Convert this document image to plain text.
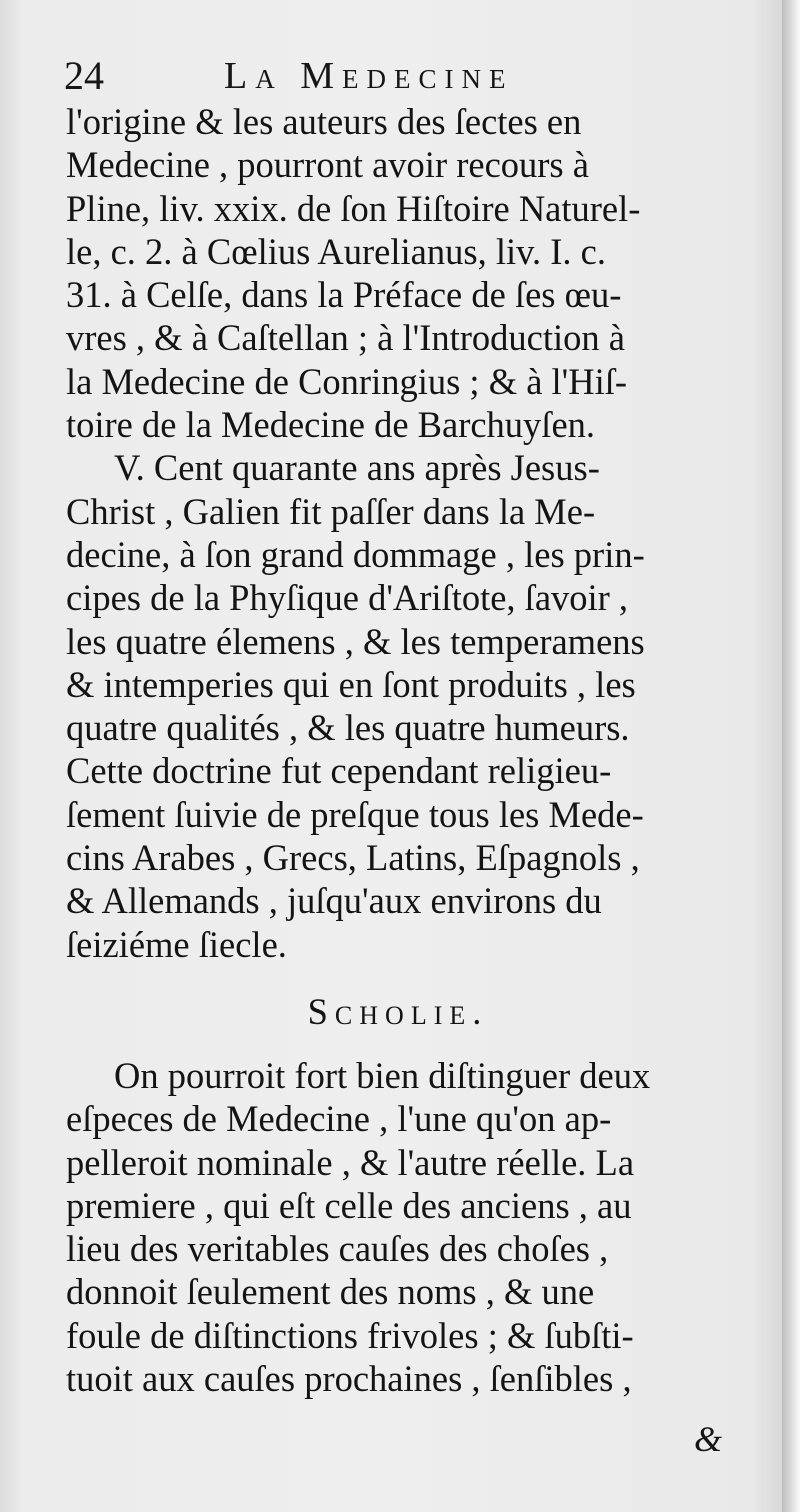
24	La Medecine
l'origine & les auteurs des ſectes en
Medecine , pourront avoir recours à
Pline, liv. xxix. de ſon Hiſtoire Naturel-
le, c. 2. à Cœlius Aurelianus, liv. I. c.
31. à Celſe, dans la Préface de ſes œu-
vres , & à Caſtellan ; à l'Introduction à
la Medecine de Conringius ; & à l'Hiſ-
toire de la Medecine de Barchuyſen.
V. Cent quarante ans après Jesus-
Christ , Galien fit paſſer dans la Me-
decine, à ſon grand dommage , les prin-
cipes de la Phyſique d'Ariſtote, ſavoir ,
les quatre élemens , & les temperamens
& intemperies qui en ſont produits , les
quatre qualités , & les quatre humeurs.
Cette doctrine fut cependant religieu-
ſement ſuivie de preſque tous les Mede-
cins Arabes , Grecs, Latins, Eſpagnols ,
& Allemands , juſqu'aux environs du
ſeiziéme ſiecle.
Scholie.
On pourroit fort bien diſtinguer deux
eſpeces de Medecine , l'une qu'on ap-
pelleroit nominale , & l'autre réelle. La
premiere , qui eſt celle des anciens , au
lieu des veritables cauſes des choſes ,
donnoit ſeulement des noms , & une
foule de diſtinctions frivoles ; & ſubſti-
tuoit aux cauſes prochaines , ſenſibles ,
&
